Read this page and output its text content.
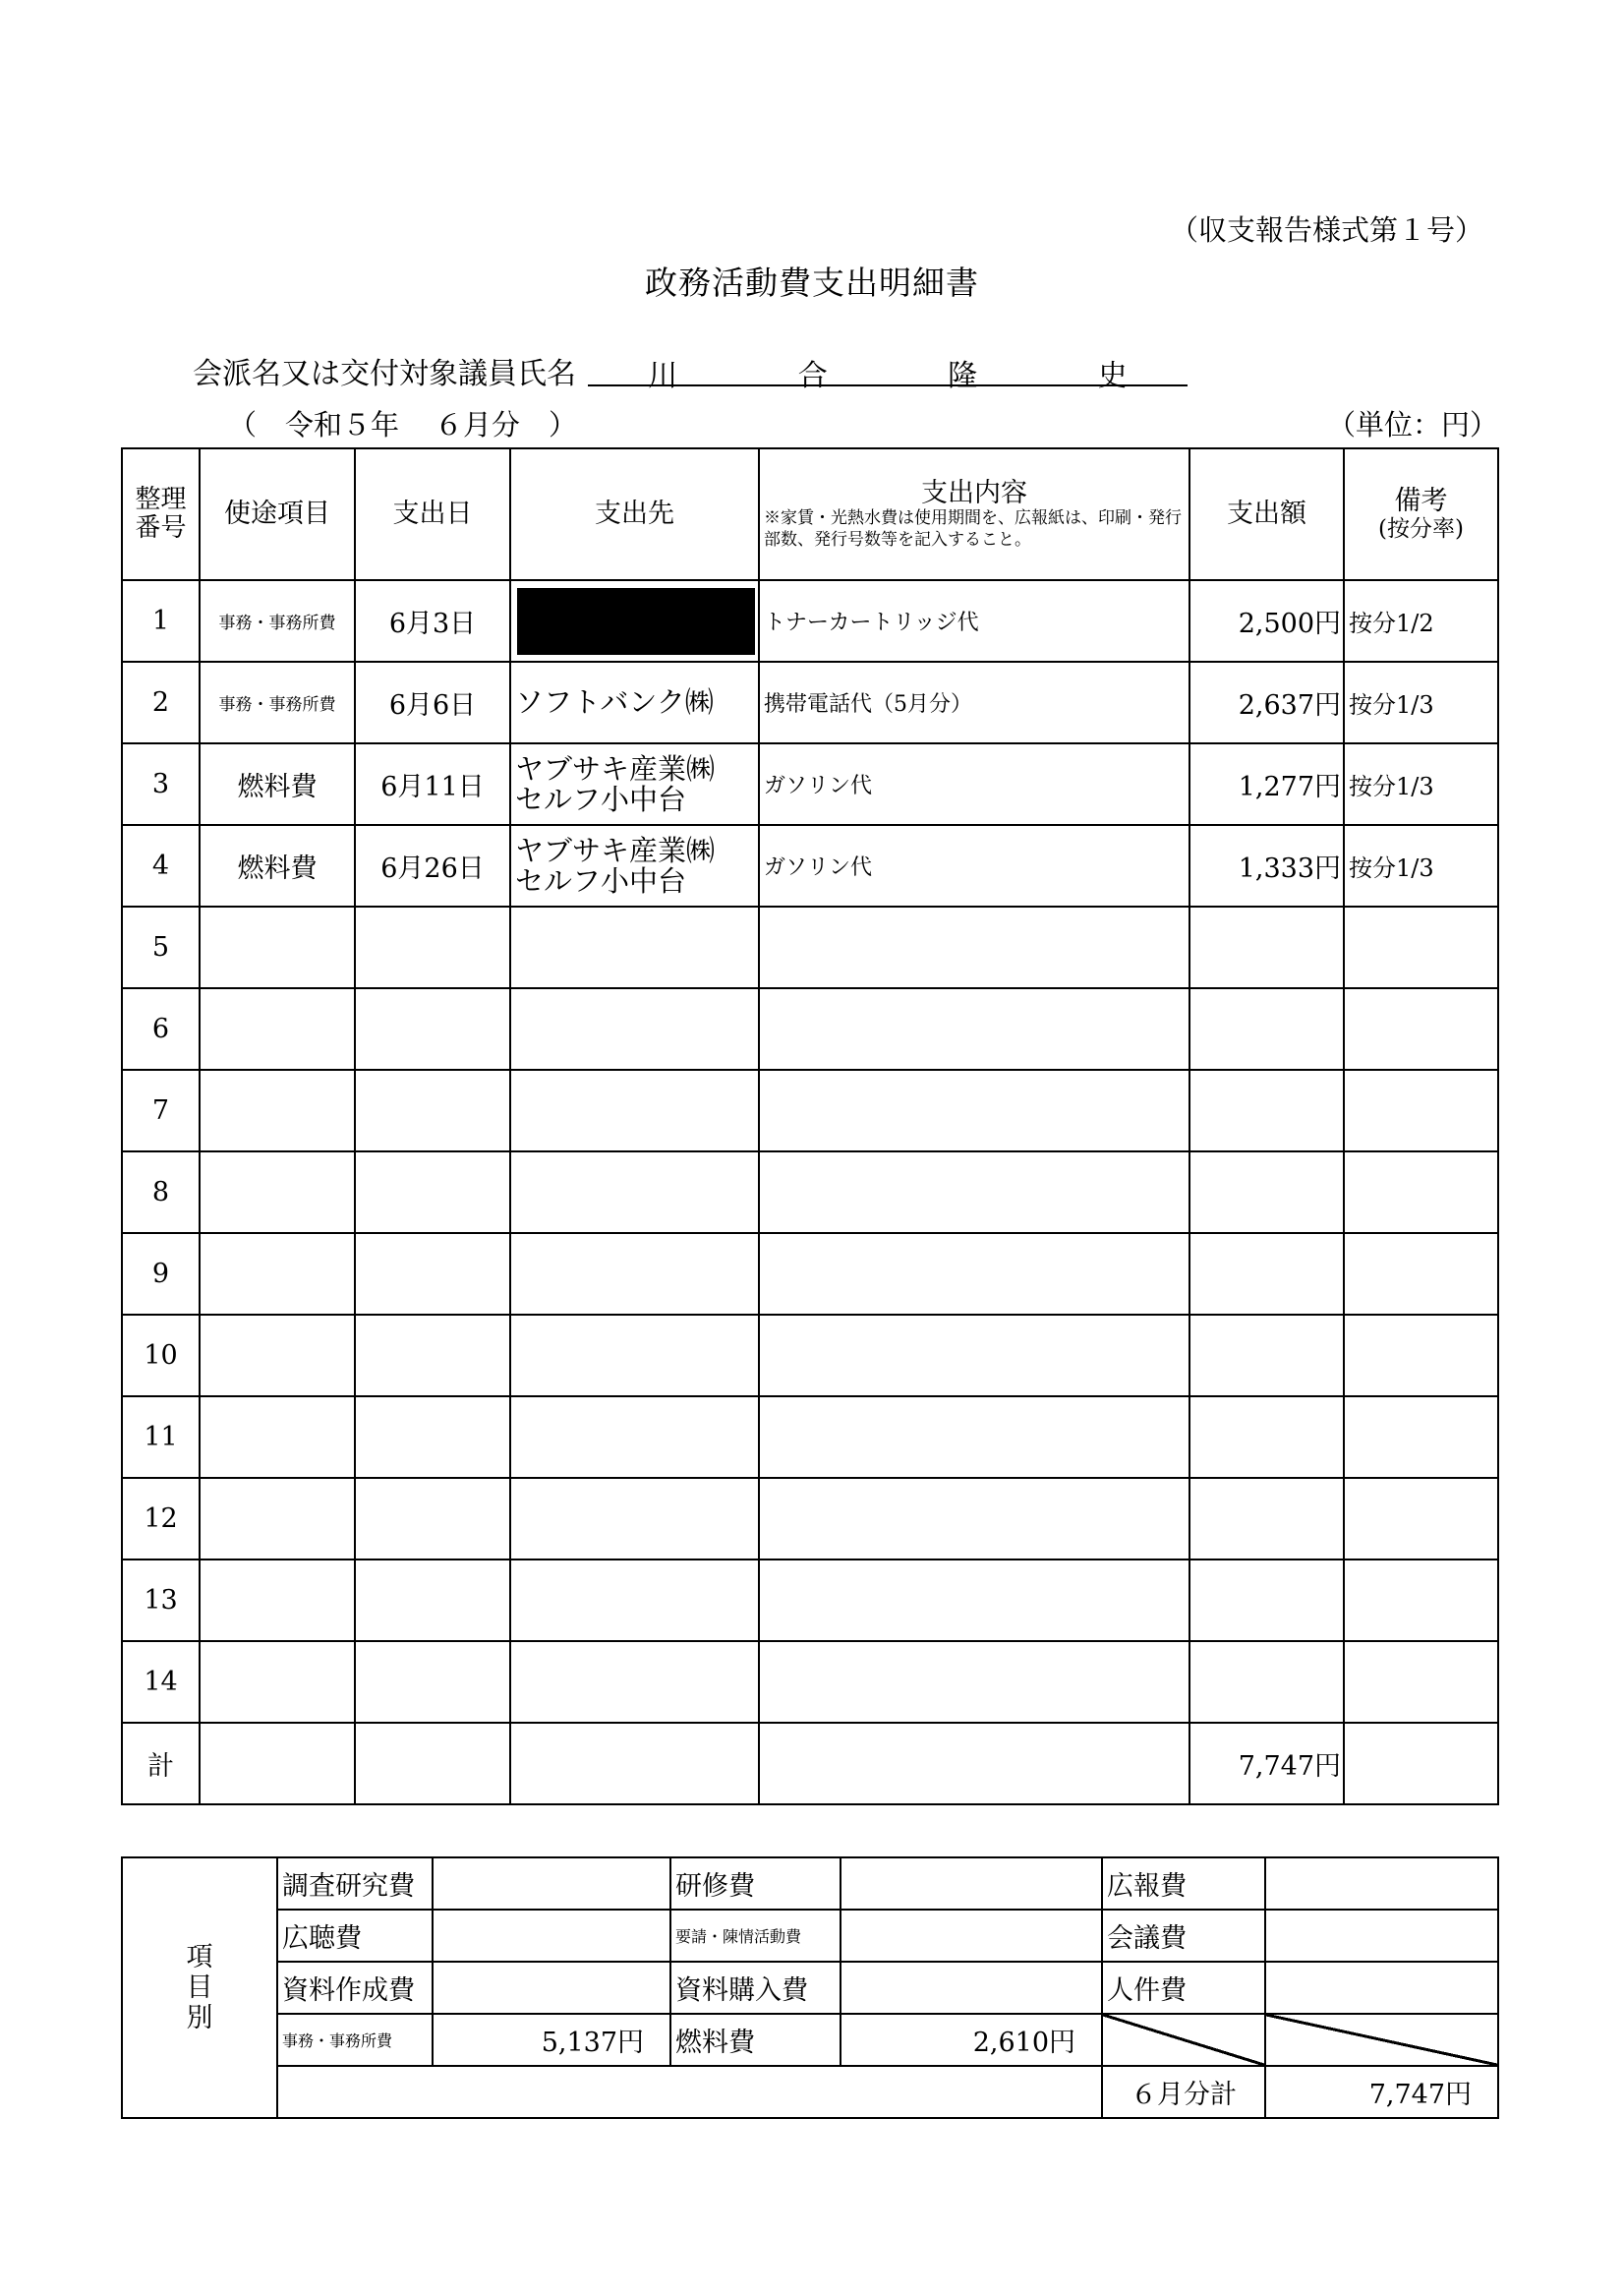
（収支報告様式第１号）
政務活動費支出明細書
会派名又は交付対象議員氏名 川	合	隆	史
（　令和５年 ６月分　）	（単位：円）
整理番号	使途項目	支出日	支出先	支出内容
※家賃・光熱水費は使用期間を、広報紙は、印刷・発行部数、発行号数等を記入すること。	支出額	備考
(按分率)

1	事務・事務所費	6月3日		トナーカートリッジ代	2,500円	按分1/2
2	事務・事務所費	6月6日	ソフトバンク㈱	携帯電話代（5月分）	2,637円	按分1/3
3	燃料費	6月11日	ヤブサキ産業㈱
セルフ小中台	ガソリン代	1,277円	按分1/3
4	燃料費	6月26日	ヤブサキ産業㈱
セルフ小中台	ガソリン代	1,333円	按分1/3
5						
6						
7						
8						
9						
10						
11						
12						
13						
14						
計					7,747円	
項
目
別	調査研究費		研修費		広報費	
	広聴費		要請・陳情活動費		会議費	
	資料作成費		資料購入費		人件費	
	事務・事務所費	5,137円	燃料費	2,610円		
					６月分計	7,747円
